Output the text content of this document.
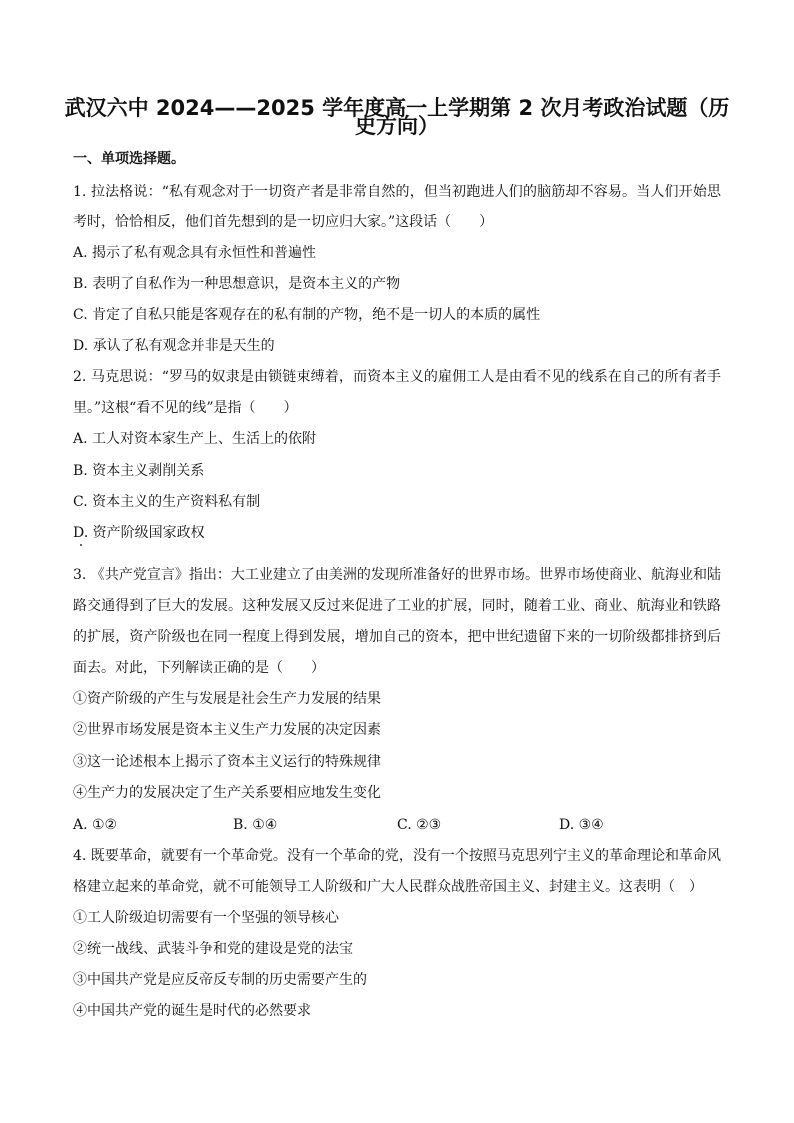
武汉六中 2024——2025 学年度高一上学期第 2 次月考政治试题（历

史方向）

一、单项选择题。

1. 拉法格说：“私有观念对于一切资产者是非常自然的，但当初跑进人们的脑筋却不容易。当人们开始思

考时，恰恰相反，他们首先想到的是一切应归大家。”这段话（　　）

A. 揭示了私有观念具有永恒性和普遍性

B. 表明了自私作为一种思想意识，是资本主义的产物

C. 肯定了自私只能是客观存在的私有制的产物，绝不是一切人的本质的属性

D. 承认了私有观念并非是天生的

2. 马克思说：“罗马的奴隶是由锁链束缚着，而资本主义的雇佣工人是由看不见的线系在自己的所有者手

里。”这根“看不见的线”是指（　　）

A. 工人对资本家生产上、生活上的依附

B. 资本主义剥削关系

C. 资本主义的生产资料私有制

D. 资产阶级国家政权

3. 《共产党宣言》指出：大工业建立了由美洲的发现所准备好的世界市场。世界市场使商业、航海业和陆

路交通得到了巨大的发展。这种发展又反过来促进了工业的扩展，同时，随着工业、商业、航海业和铁路

的扩展，资产阶级也在同一程度上得到发展，增加自己的资本，把中世纪遗留下来的一切阶级都排挤到后

面去。对此，下列解读正确的是（　　）

①资产阶级的产生与发展是社会生产力发展的结果

②世界市场发展是资本主义生产力发展的决定因素

③这一论述根本上揭示了资本主义运行的特殊规律

④生产力的发展决定了生产关系要相应地发生变化

A. ①②	B. ①④	C. ②③	D. ③④

4. 既要革命，就要有一个革命党。没有一个革命的党，没有一个按照马克思列宁主义的革命理论和革命风

格建立起来的革命党，就不可能领导工人阶级和广大人民群众战胜帝国主义、封建主义。这表明（　）

①工人阶级迫切需要有一个坚强的领导核心

②统一战线、武装斗争和党的建设是党的法宝

③中国共产党是应反帝反专制的历史需要产生的

④中国共产党的诞生是时代的必然要求
